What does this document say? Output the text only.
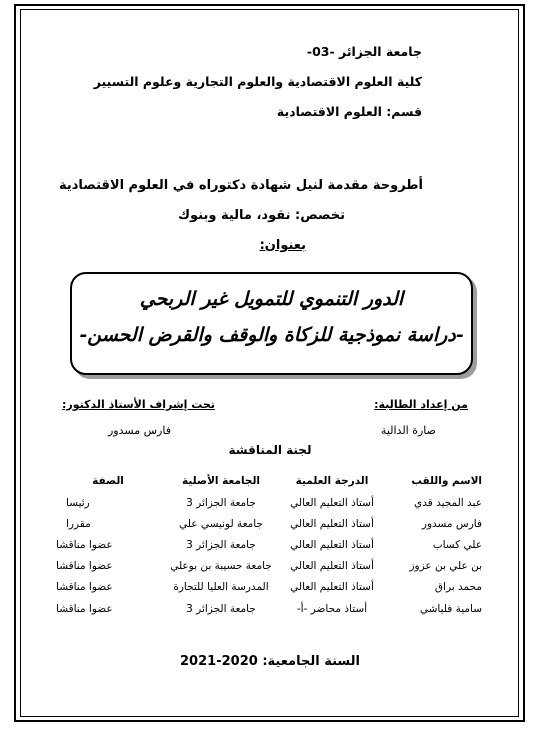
جامعة الجزائر -03-
كلية العلوم الاقتصادية والعلوم التجارية وعلوم التسيير
قسم: العلوم الاقتصادية
أطروحة مقدمة لنيل شهادة دكتوراه في العلوم الاقتصادية
تخصص: نقود، مالية وبنوك
بعنوان:
الدور التنموي للتمويل غير الربحي
-دراسة نموذجية للزكاة والوقف والقرض الحسن-
من إعداد الطالبة:
صارة الدالية
تحت إشراف الأستاذ الدكتور:
فارس مسدور
لجنة المناقشة
الاسم واللقب	الدرجة العلمية	الجامعة الأصلية	الصفة
عبد المجيد قدي	أستاذ التعليم العالي	جامعة الجزائر 3	رئيسا
فارس مسدور	أستاذ التعليم العالي	جامعة لونيسي علي	مقررا
علي كساب	أستاذ التعليم العالي	جامعة الجزائر 3	عضوا مناقشا
بن علي بن عزوز	أستاذ التعليم العالي	جامعة حسيبة بن بوعلي	عضوا مناقشا
محمد براق	أستاذ التعليم العالي	المدرسة العليا للتجارة	عضوا مناقشا
سامية فلياشي	أستاذ محاضر -أ-	جامعة الجزائر 3	عضوا مناقشا
السنة الجامعية: 2020-2021
